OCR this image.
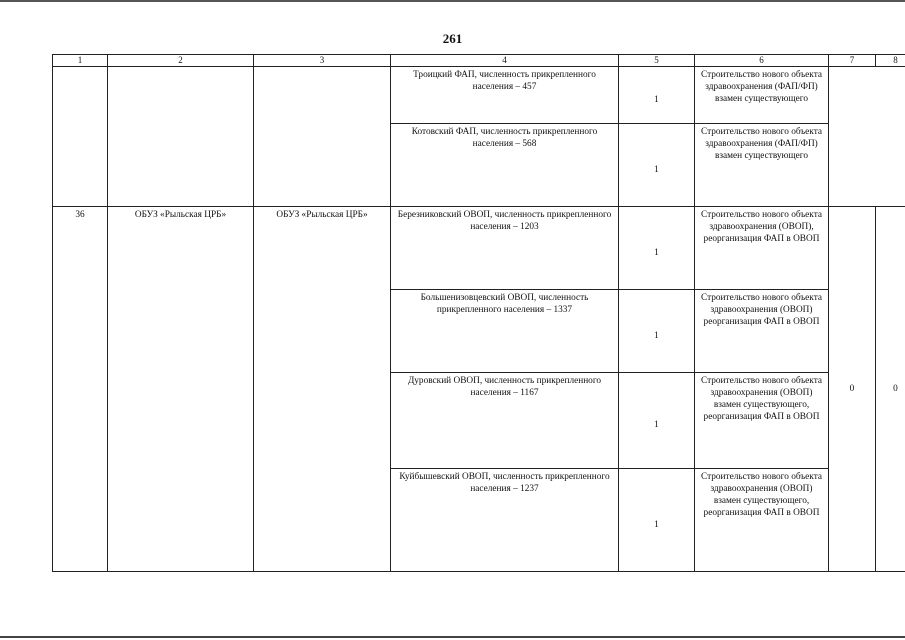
261
1	2	3	4	5	6	7	8
			Троицкий ФАП, численность прикрепленного населения – 457	1	Строительство нового объекта здравоохранения (ФАП/ФП) взамен существующего		
			Котовский ФАП, численность прикрепленного населения – 568	1	Строительство нового объекта здравоохранения (ФАП/ФП) взамен существующего		
36	ОБУЗ «Рыльская ЦРБ»	ОБУЗ «Рыльская ЦРБ»	Березниковский ОВОП, численность прикрепленного населения – 1203	1	Строительство нового объекта здравоохранения (ОВОП), реорганизация ФАП в ОВОП	0	0
			Большенизовцевский ОВОП, численность прикрепленного населения – 1337	1	Строительство нового объекта здравоохранения (ОВОП) реорганизация ФАП в ОВОП		
			Дуровский ОВОП, численность прикрепленного населения – 1167	1	Строительство нового объекта здравоохранения (ОВОП) взамен существующего, реорганизация ФАП в ОВОП		
			Куйбышевский ОВОП, численность прикрепленного населения – 1237	1	Строительство нового объекта здравоохранения (ОВОП) взамен существующего, реорганизация ФАП в ОВОП		
